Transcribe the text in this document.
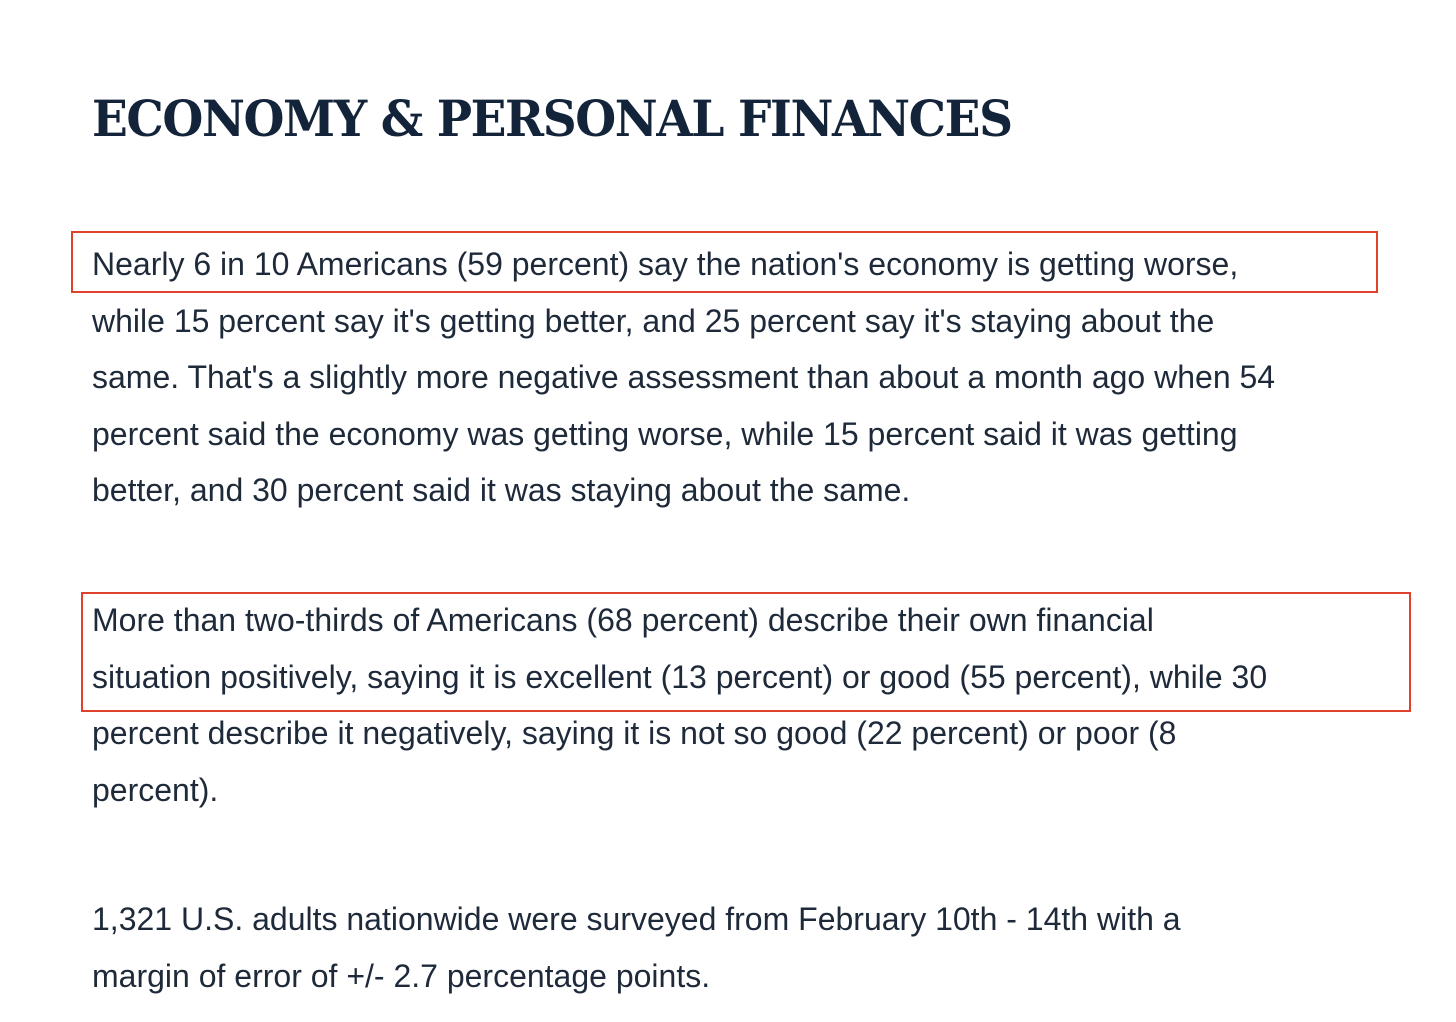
ECONOMY & PERSONAL FINANCES
Nearly 6 in 10 Americans (59 percent) say the nation's economy is getting worse,
while 15 percent say it's getting better, and 25 percent say it's staying about the
same. That's a slightly more negative assessment than about a month ago when 54
percent said the economy was getting worse, while 15 percent said it was getting
better, and 30 percent said it was staying about the same.
More than two-thirds of Americans (68 percent) describe their own financial
situation positively, saying it is excellent (13 percent) or good (55 percent), while 30
percent describe it negatively, saying it is not so good (22 percent) or poor (8
percent).
1,321 U.S. adults nationwide were surveyed from February 10th - 14th with a
margin of error of +/- 2.7 percentage points.
